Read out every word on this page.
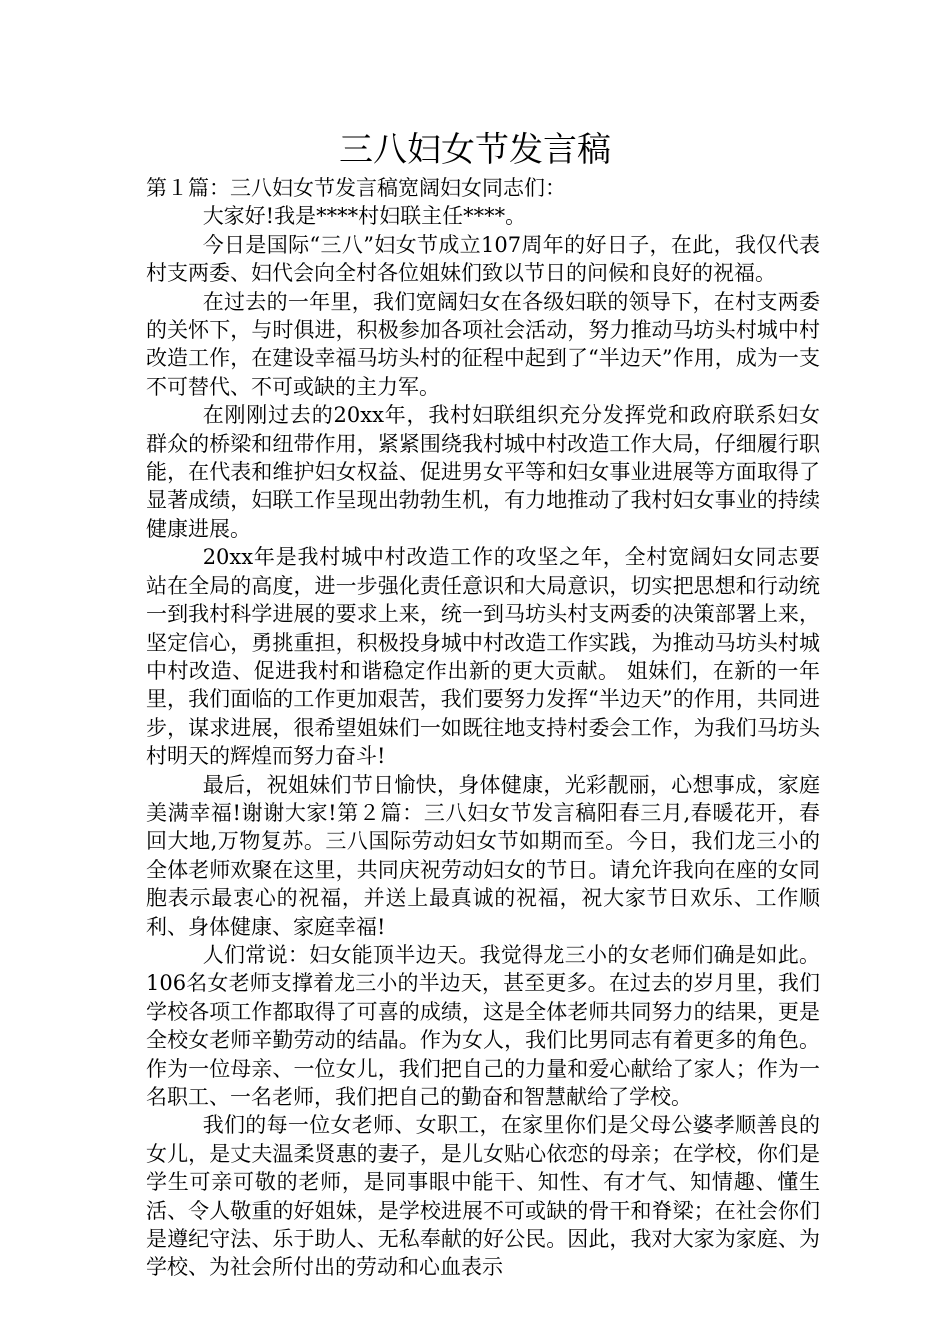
三八妇女节发言稿

第１篇：三八妇女节发言稿宽阔妇女同志们：

大家好!我是****村妇联主任****。

今日是国际“三八”妇女节成立107周年的好日子，在此，我仅代表村支两委、妇代会向全村各位姐妹们致以节日的问候和良好的祝福。

在过去的一年里，我们宽阔妇女在各级妇联的领导下，在村支两委的关怀下，与时俱进，积极参加各项社会活动，努力推动马坊头村城中村改造工作，在建设幸福马坊头村的征程中起到了“半边天”作用，成为一支不可替代、不可或缺的主力军。

在刚刚过去的20xx年，我村妇联组织充分发挥党和政府联系妇女群众的桥梁和纽带作用，紧紧围绕我村城中村改造工作大局，仔细履行职能，在代表和维护妇女权益、促进男女平等和妇女事业进展等方面取得了显著成绩，妇联工作呈现出勃勃生机，有力地推动了我村妇女事业的持续健康进展。

20xx年是我村城中村改造工作的攻坚之年，全村宽阔妇女同志要站在全局的高度，进一步强化责任意识和大局意识，切实把思想和行动统一到我村科学进展的要求上来，统一到马坊头村支两委的决策部署上来，坚定信心，勇挑重担，积极投身城中村改造工作实践，为推动马坊头村城中村改造、促进我村和谐稳定作出新的更大贡献。 姐妹们，在新的一年里，我们面临的工作更加艰苦，我们要努力发挥“半边天”的作用，共同进步，谋求进展，很希望姐妹们一如既往地支持村委会工作，为我们马坊头村明天的辉煌而努力奋斗!

最后，祝姐妹们节日愉快，身体健康，光彩靓丽，心想事成，家庭美满幸福!谢谢大家!第２篇：三八妇女节发言稿阳春三月,春暖花开，春回大地,万物复苏。三八国际劳动妇女节如期而至。今日，我们龙三小的全体老师欢聚在这里，共同庆祝劳动妇女的节日。请允许我向在座的女同胞表示最衷心的祝福，并送上最真诚的祝福，祝大家节日欢乐、工作顺利、身体健康、家庭幸福!

人们常说：妇女能顶半边天。我觉得龙三小的女老师们确是如此。106名女老师支撑着龙三小的半边天，甚至更多。在过去的岁月里，我们学校各项工作都取得了可喜的成绩，这是全体老师共同努力的结果，更是全校女老师辛勤劳动的结晶。作为女人，我们比男同志有着更多的角色。作为一位母亲、一位女儿，我们把自己的力量和爱心献给了家人；作为一名职工、一名老师，我们把自己的勤奋和智慧献给了学校。

我们的每一位女老师、女职工，在家里你们是父母公婆孝顺善良的女儿，是丈夫温柔贤惠的妻子，是儿女贴心依恋的母亲；在学校，你们是学生可亲可敬的老师，是同事眼中能干、知性、有才气、知情趣、懂生活、令人敬重的好姐妹，是学校进展不可或缺的骨干和脊梁；在社会你们是遵纪守法、乐于助人、无私奉献的好公民。因此，我对大家为家庭、为学校、为社会所付出的劳动和心血表示
